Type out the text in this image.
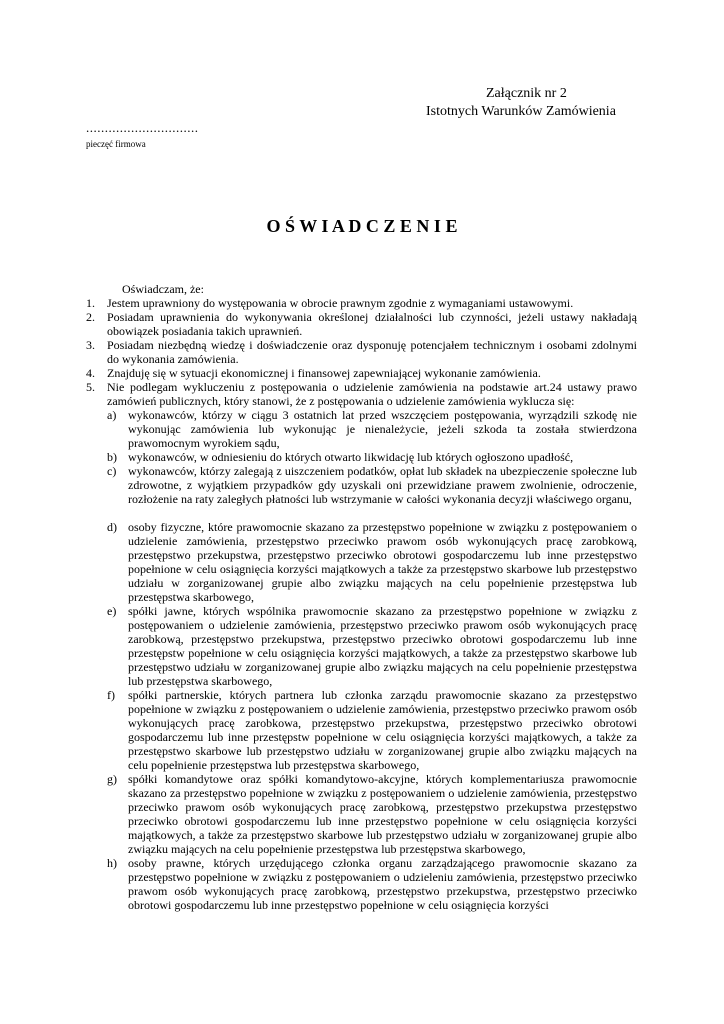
Załącznik nr 2
Istotnych Warunków Zamówienia
..............................
pieczęć firmowa
O Ś W I A D C Z E N I E
Oświadczam, że:
1. Jestem uprawniony do występowania w obrocie prawnym zgodnie z wymaganiami ustawowymi.
2. Posiadam uprawnienia do wykonywania określonej działalności lub czynności, jeżeli ustawy nakładają obowiązek posiadania takich uprawnień.
3. Posiadam niezbędną wiedzę i doświadczenie oraz dysponuję potencjałem technicznym i osobami zdolnymi do wykonania zamówienia.
4. Znajduję się w sytuacji ekonomicznej i finansowej zapewniającej wykonanie zamówienia.
5. Nie podlegam wykluczeniu z postępowania o udzielenie zamówienia na podstawie art.24 ustawy prawo zamówień publicznych, który stanowi, że z postępowania o udzielenie zamówienia wyklucza się:
a) wykonawców, którzy w ciągu 3 ostatnich lat przed wszczęciem postępowania, wyrządzili szkodę nie wykonując zamówienia lub wykonując je nienależycie, jeżeli szkoda ta została stwierdzona prawomocnym wyrokiem sądu,
b) wykonawców, w odniesieniu do których otwarto likwidację lub których ogłoszono upadłość,
c) wykonawców, którzy zalegają z uiszczeniem podatków, opłat lub składek na ubezpieczenie społeczne lub zdrowotne, z wyjątkiem przypadków gdy uzyskali oni przewidziane prawem zwolnienie, odroczenie, rozłożenie na raty zaległych płatności lub wstrzymanie w całości wykonania decyzji właściwego organu,
d) osoby fizyczne, które prawomocnie skazano za przestępstwo popełnione w związku z postępowaniem o udzielenie zamówienia, przestępstwo przeciwko prawom osób wykonujących pracę zarobkową, przestępstwo przekupstwa, przestępstwo przeciwko obrotowi gospodarczemu lub inne przestępstwo popełnione w celu osiągnięcia korzyści majątkowych a także za przestępstwo skarbowe lub przestępstwo udziału w zorganizowanej grupie albo związku mających na celu popełnienie przestępstwa lub przestępstwa skarbowego,
e) spółki jawne, których wspólnika prawomocnie skazano za przestępstwo popełnione w związku z postępowaniem o udzielenie zamówienia, przestępstwo przeciwko prawom osób wykonujących pracę zarobkową, przestępstwo przekupstwa, przestępstwo przeciwko obrotowi gospodarczemu lub inne przestępstw popełnione w celu osiągnięcia korzyści majątkowych, a także za przestępstwo skarbowe lub przestępstwo udziału w zorganizowanej grupie albo związku mających na celu popełnienie przestępstwa lub przestępstwa skarbowego,
f) spółki partnerskie, których partnera lub członka zarządu prawomocnie skazano za przestępstwo popełnione w związku z postępowaniem o udzielenie zamówienia, przestępstwo przeciwko prawom osób wykonujących pracę zarobkowa, przestępstwo przekupstwa, przestępstwo przeciwko obrotowi gospodarczemu lub inne przestępstw popełnione w celu osiągnięcia korzyści majątkowych, a także za przestępstwo skarbowe lub przestępstwo udziału w zorganizowanej grupie albo związku mających na celu popełnienie przestępstwa lub przestępstwa skarbowego,
g) spółki komandytowe oraz spółki komandytowo-akcyjne, których komplementariusza prawomocnie skazano za przestępstwo popełnione w związku z postępowaniem o udzielenie zamówienia, przestępstwo przeciwko prawom osób wykonujących pracę zarobkową, przestępstwo przekupstwa przestępstwo przeciwko obrotowi gospodarczemu lub inne przestępstwo popełnione w celu osiągnięcia korzyści majątkowych, a także za przestępstwo skarbowe lub przestępstwo udziału w zorganizowanej grupie albo związku mających na celu popełnienie przestępstwa lub przestępstwa skarbowego,
h) osoby prawne, których urzędującego członka organu zarządzającego prawomocnie skazano za przestępstwo popełnione w związku z postępowaniem o udzieleniu zamówienia, przestępstwo przeciwko prawom osób wykonujących pracę zarobkową, przestępstwo przekupstwa, przestępstwo przeciwko obrotowi gospodarczemu lub inne przestępstwo popełnione w celu osiągnięcia korzyści
